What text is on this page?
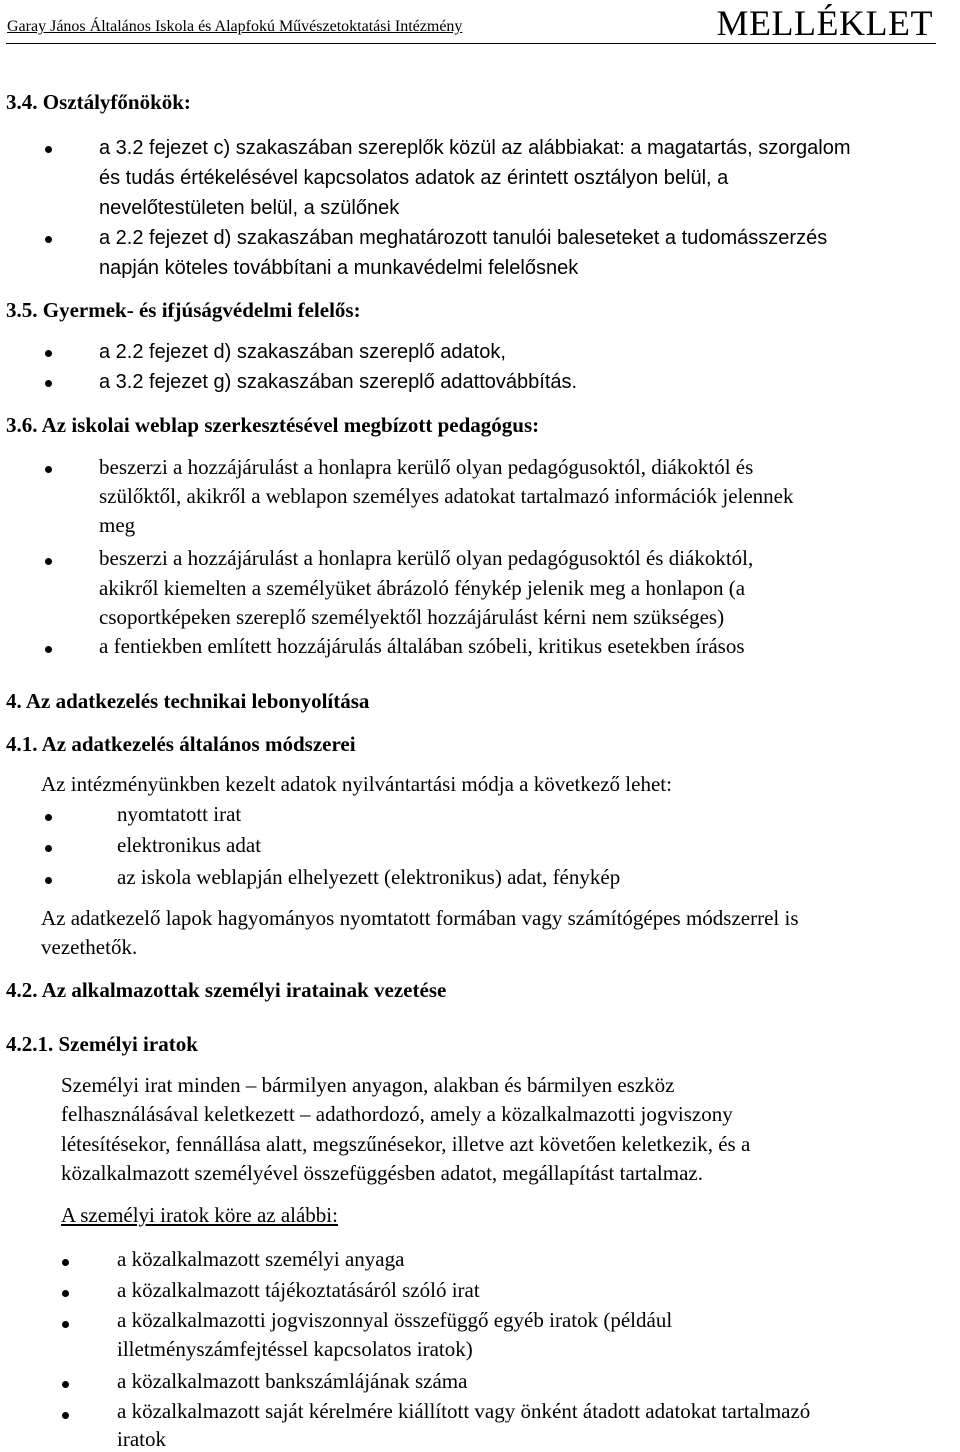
Garay János Általános Iskola és Alapfokú Művészetoktatási Intézmény	MELLÉKLET
3.4. Osztályfőnökök:
a 3.2 fejezet c) szakaszában szereplők közül az alábbiakat: a magatartás, szorgalom
és tudás értékelésével kapcsolatos adatok az érintett osztályon belül, a
nevelőtestületen belül, a szülőnek
a 2.2 fejezet d) szakaszában meghatározott tanulói baleseteket a tudomásszerzés
napján köteles továbbítani a munkavédelmi felelősnek
3.5. Gyermek- és ifjúságvédelmi felelős:
a 2.2 fejezet d) szakaszában szereplő adatok,
a 3.2 fejezet g) szakaszában szereplő adattovábbítás.
3.6. Az iskolai weblap szerkesztésével megbízott pedagógus:
beszerzi a hozzájárulást a honlapra kerülő olyan pedagógusoktól, diákoktól és
szülőktől, akikről a weblapon személyes adatokat tartalmazó információk jelennek
meg
beszerzi a hozzájárulást a honlapra kerülő olyan pedagógusoktól és diákoktól,
akikről kiemelten a személyüket ábrázoló fénykép jelenik meg a honlapon (a
csoportképeken szereplő személyektől hozzájárulást kérni nem szükséges)
a fentiekben említett hozzájárulás általában szóbeli, kritikus esetekben írásos
4. Az adatkezelés technikai lebonyolítása
4.1. Az adatkezelés általános módszerei
Az intézményünkben kezelt adatok nyilvántartási módja a következő lehet:
nyomtatott irat
elektronikus adat
az iskola weblapján elhelyezett (elektronikus) adat, fénykép
Az adatkezelő lapok hagyományos nyomtatott formában vagy számítógépes módszerrel is
vezethetők.
4.2. Az alkalmazottak személyi iratainak vezetése
4.2.1. Személyi iratok
Személyi irat minden – bármilyen anyagon, alakban és bármilyen eszköz
felhasználásával keletkezett – adathordozó, amely a közalkalmazotti jogviszony
létesítésekor, fennállása alatt, megszűnésekor, illetve azt követően keletkezik, és a
közalkalmazott személyével összefüggésben adatot, megállapítást tartalmaz.
A személyi iratok köre az alábbi:
a közalkalmazott személyi anyaga
a közalkalmazott tájékoztatásáról szóló irat
a közalkalmazotti jogviszonnyal összefüggő egyéb iratok (például
illetményszámfejtéssel kapcsolatos iratok)
a közalkalmazott bankszámlájának száma
a közalkalmazott saját kérelmére kiállított vagy önként átadott adatokat tartalmazó
iratok
